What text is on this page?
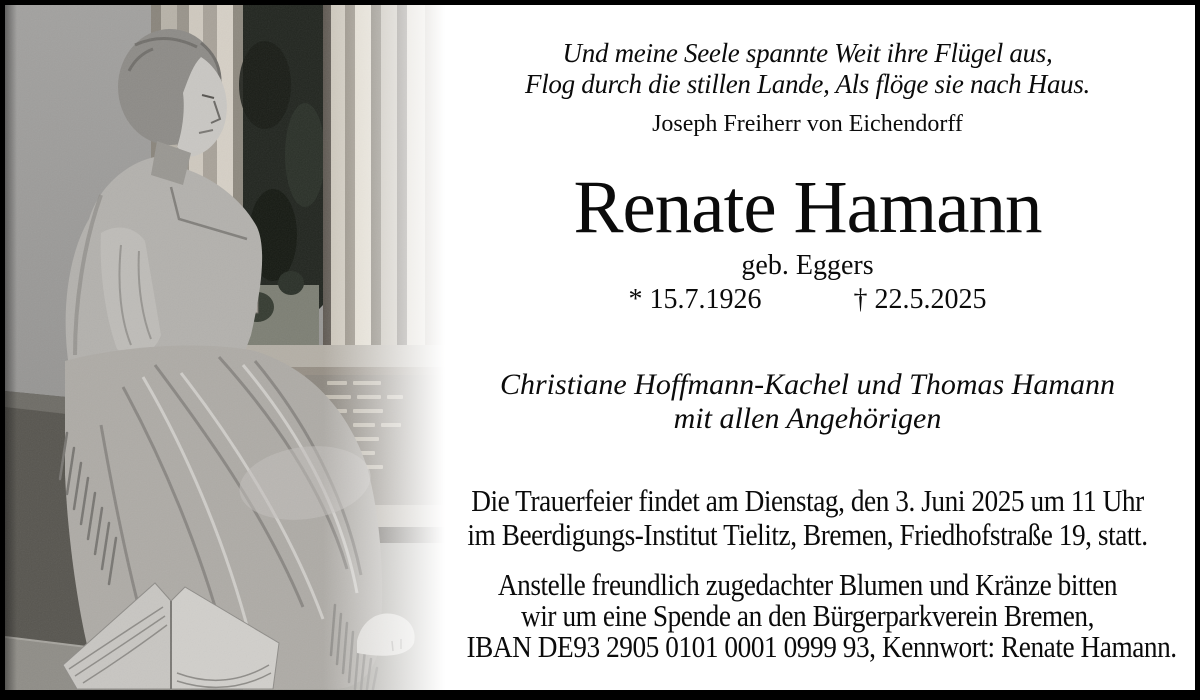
Und meine Seele spannte Weit ihre Flügel aus,
Flog durch die stillen Lande, Als flöge sie nach Haus.
Joseph Freiherr von Eichendorff
Renate Hamann
geb. Eggers
* 15.7.1926	† 22.5.2025
Christiane Hoffmann-Kachel und Thomas Hamann
mit allen Angehörigen
Die Trauerfeier findet am Dienstag, den 3. Juni 2025 um 11 Uhr
im Beerdigungs-Institut Tielitz, Bremen, Friedhofstraße 19, statt.
Anstelle freundlich zugedachter Blumen und Kränze bitten
wir um eine Spende an den Bürgerparkverein Bremen,
IBAN DE93 2905 0101 0001 0999 93, Kennwort: Renate Hamann.
